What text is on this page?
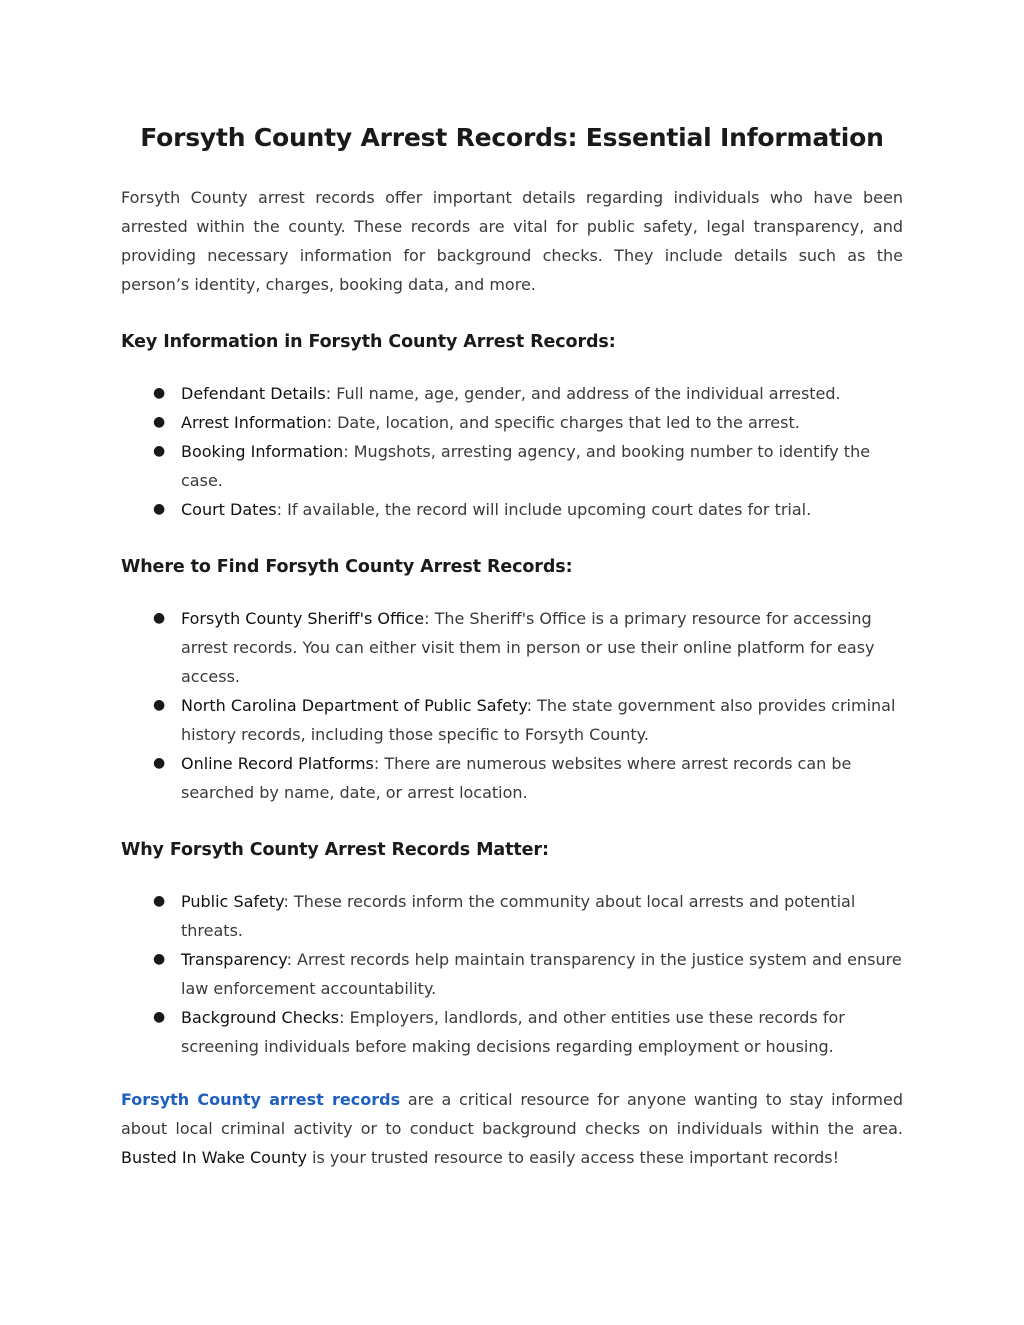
Forsyth County Arrest Records: Essential Information

Forsyth County arrest records offer important details regarding individuals who have been arrested within the county. These records are vital for public safety, legal transparency, and providing necessary information for background checks. They include details such as the person’s identity, charges, booking data, and more.

Key Information in Forsyth County Arrest Records:
● Defendant Details: Full name, age, gender, and address of the individual arrested.
● Arrest Information: Date, location, and specific charges that led to the arrest.
● Booking Information: Mugshots, arresting agency, and booking number to identify the case.
● Court Dates: If available, the record will include upcoming court dates for trial.
Where to Find Forsyth County Arrest Records:
● Forsyth County Sheriff's Office: The Sheriff's Office is a primary resource for accessing arrest records. You can either visit them in person or use their online platform for easy access.
● North Carolina Department of Public Safety: The state government also provides criminal history records, including those specific to Forsyth County.
● Online Record Platforms: There are numerous websites where arrest records can be searched by name, date, or arrest location.
Why Forsyth County Arrest Records Matter:
● Public Safety: These records inform the community about local arrests and potential threats.
● Transparency: Arrest records help maintain transparency in the justice system and ensure law enforcement accountability.
● Background Checks: Employers, landlords, and other entities use these records for screening individuals before making decisions regarding employment or housing.

Forsyth County arrest records are a critical resource for anyone wanting to stay informed about local criminal activity or to conduct background checks on individuals within the area. Busted In Wake County is your trusted resource to easily access these important records!
